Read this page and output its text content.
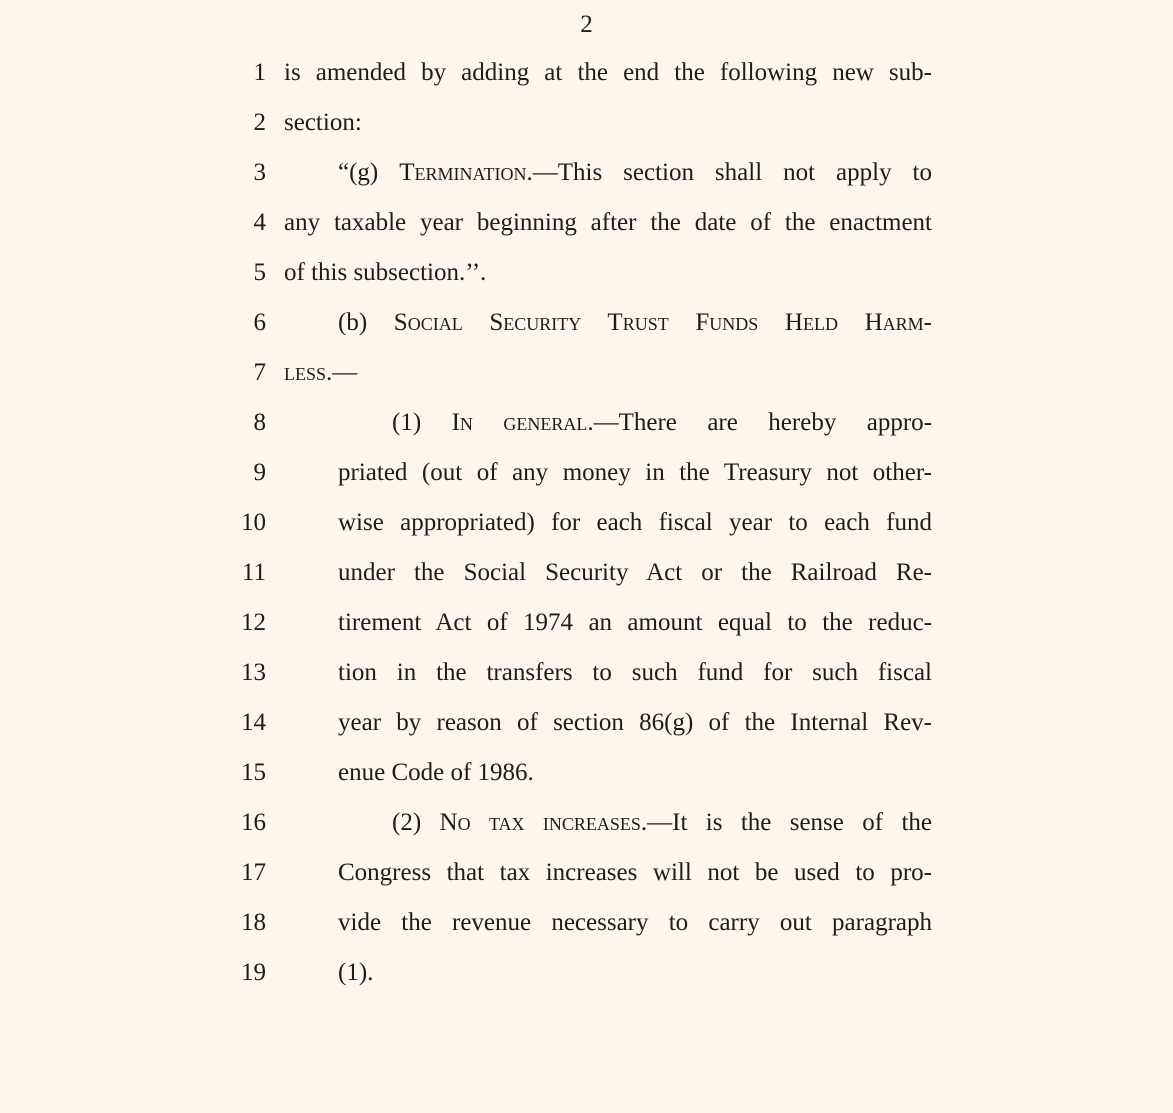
2
1 is amended by adding at the end the following new sub-
2 section:
3	“(g) Termination.—This section shall not apply to
4 any taxable year beginning after the date of the enactment
5 of this subsection.’’.
6	(b) Social Security Trust Funds Held Harm-
7 less.—
8	(1) In general.—There are hereby appro-
9	priated (out of any money in the Treasury not other-
10	wise appropriated) for each fiscal year to each fund
11	under the Social Security Act or the Railroad Re-
12	tirement Act of 1974 an amount equal to the reduc-
13	tion in the transfers to such fund for such fiscal
14	year by reason of section 86(g) of the Internal Rev-
15	enue Code of 1986.
16	(2) No tax increases.—It is the sense of the
17	Congress that tax increases will not be used to pro-
18	vide the revenue necessary to carry out paragraph
19	(1).
